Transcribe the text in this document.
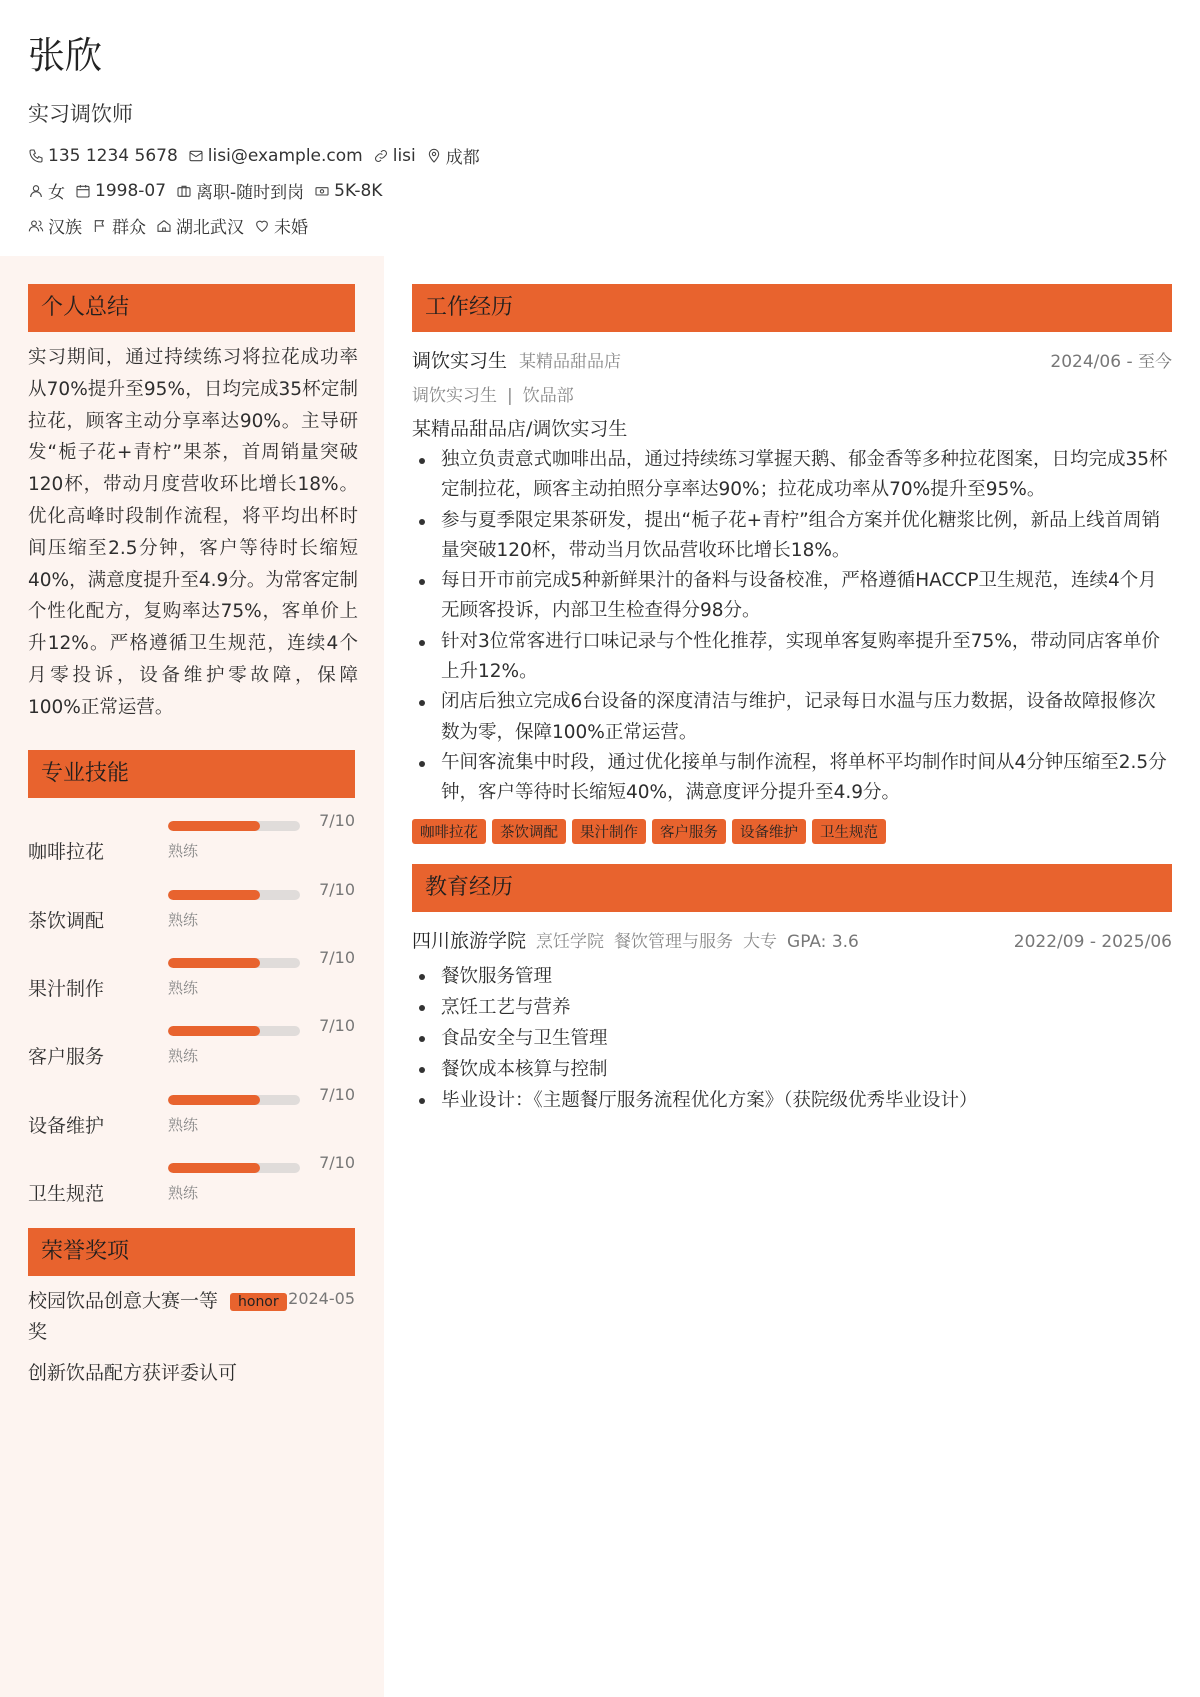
张欣
实习调饮师
135 1234 5678 lisi@example.com lisi 成都
女 1998-07 离职-随时到岗 5K-8K
汉族 群众 湖北武汉 未婚
个人总结
实习期间，通过持续练习将拉花成功率从70%提升至95%，日均完成35杯定制拉花，顾客主动分享率达90%。主导研发“栀子花+青柠”果茶，首周销量突破120杯，带动月度营收环比增长18%。优化高峰时段制作流程，将平均出杯时间压缩至2.5分钟，客户等待时长缩短40%，满意度提升至4.9分。为常客定制个性化配方，复购率达75%，客单价上升12%。严格遵循卫生规范，连续4个月零投诉，设备维护零故障，保障100%正常运营。
专业技能
咖啡拉花
7/10
熟练
茶饮调配
7/10
熟练
果汁制作
7/10
熟练
客户服务
7/10
熟练
设备维护
7/10
熟练
卫生规范
7/10
熟练
荣誉奖项
校园饮品创意大赛一等奖
honor 2024-05
创新饮品配方获评委认可
工作经历
调饮实习生 某精品甜品店	2024/06 - 至今
调饮实习生 | 饮品部
某精品甜品店/调饮实习生
独立负责意式咖啡出品，通过持续练习掌握天鹅、郁金香等多种拉花图案，日均完成35杯定制拉花，顾客主动拍照分享率达90%；拉花成功率从70%提升至95%。
参与夏季限定果茶研发，提出“栀子花+青柠”组合方案并优化糖浆比例，新品上线首周销量突破120杯，带动当月饮品营收环比增长18%。
每日开市前完成5种新鲜果汁的备料与设备校准，严格遵循HACCP卫生规范，连续4个月无顾客投诉，内部卫生检查得分98分。
针对3位常客进行口味记录与个性化推荐，实现单客复购率提升至75%，带动同店客单价上升12%。
闭店后独立完成6台设备的深度清洁与维护，记录每日水温与压力数据，设备故障报修次数为零，保障100%正常运营。
午间客流集中时段，通过优化接单与制作流程，将单杯平均制作时间从4分钟压缩至2.5分钟，客户等待时长缩短40%，满意度评分提升至4.9分。
咖啡拉花	茶饮调配	果汁制作	客户服务	设备维护	卫生规范
教育经历
四川旅游学院 烹饪学院 餐饮管理与服务 大专 GPA: 3.6	2022/09 - 2025/06
餐饮服务管理
烹饪工艺与营养
食品安全与卫生管理
餐饮成本核算与控制
毕业设计：《主题餐厅服务流程优化方案》（获院级优秀毕业设计）
